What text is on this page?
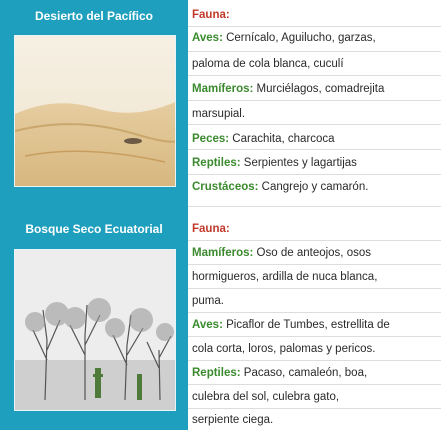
Desierto del Pacífico
Bosque Seco Ecuatorial
Fauna:
Aves: Cernícalo, Aguilucho, garzas,
paloma de cola blanca, cuculí
Mamíferos: Murciélagos, comadrejita
marsupial.
Peces: Carachita, charcoca
Reptiles: Serpientes y lagartijas
Crustáceos: Cangrejo y camarón.
Fauna:
Mamíferos: Oso de anteojos, osos
hormigueros, ardilla de nuca blanca,
puma.
Aves: Picaflor de Tumbes, estrellita de
cola corta, loros, palomas y pericos.
Reptiles: Pacaso, camaleón, boa,
culebra del sol, culebra gato,
serpiente ciega.
